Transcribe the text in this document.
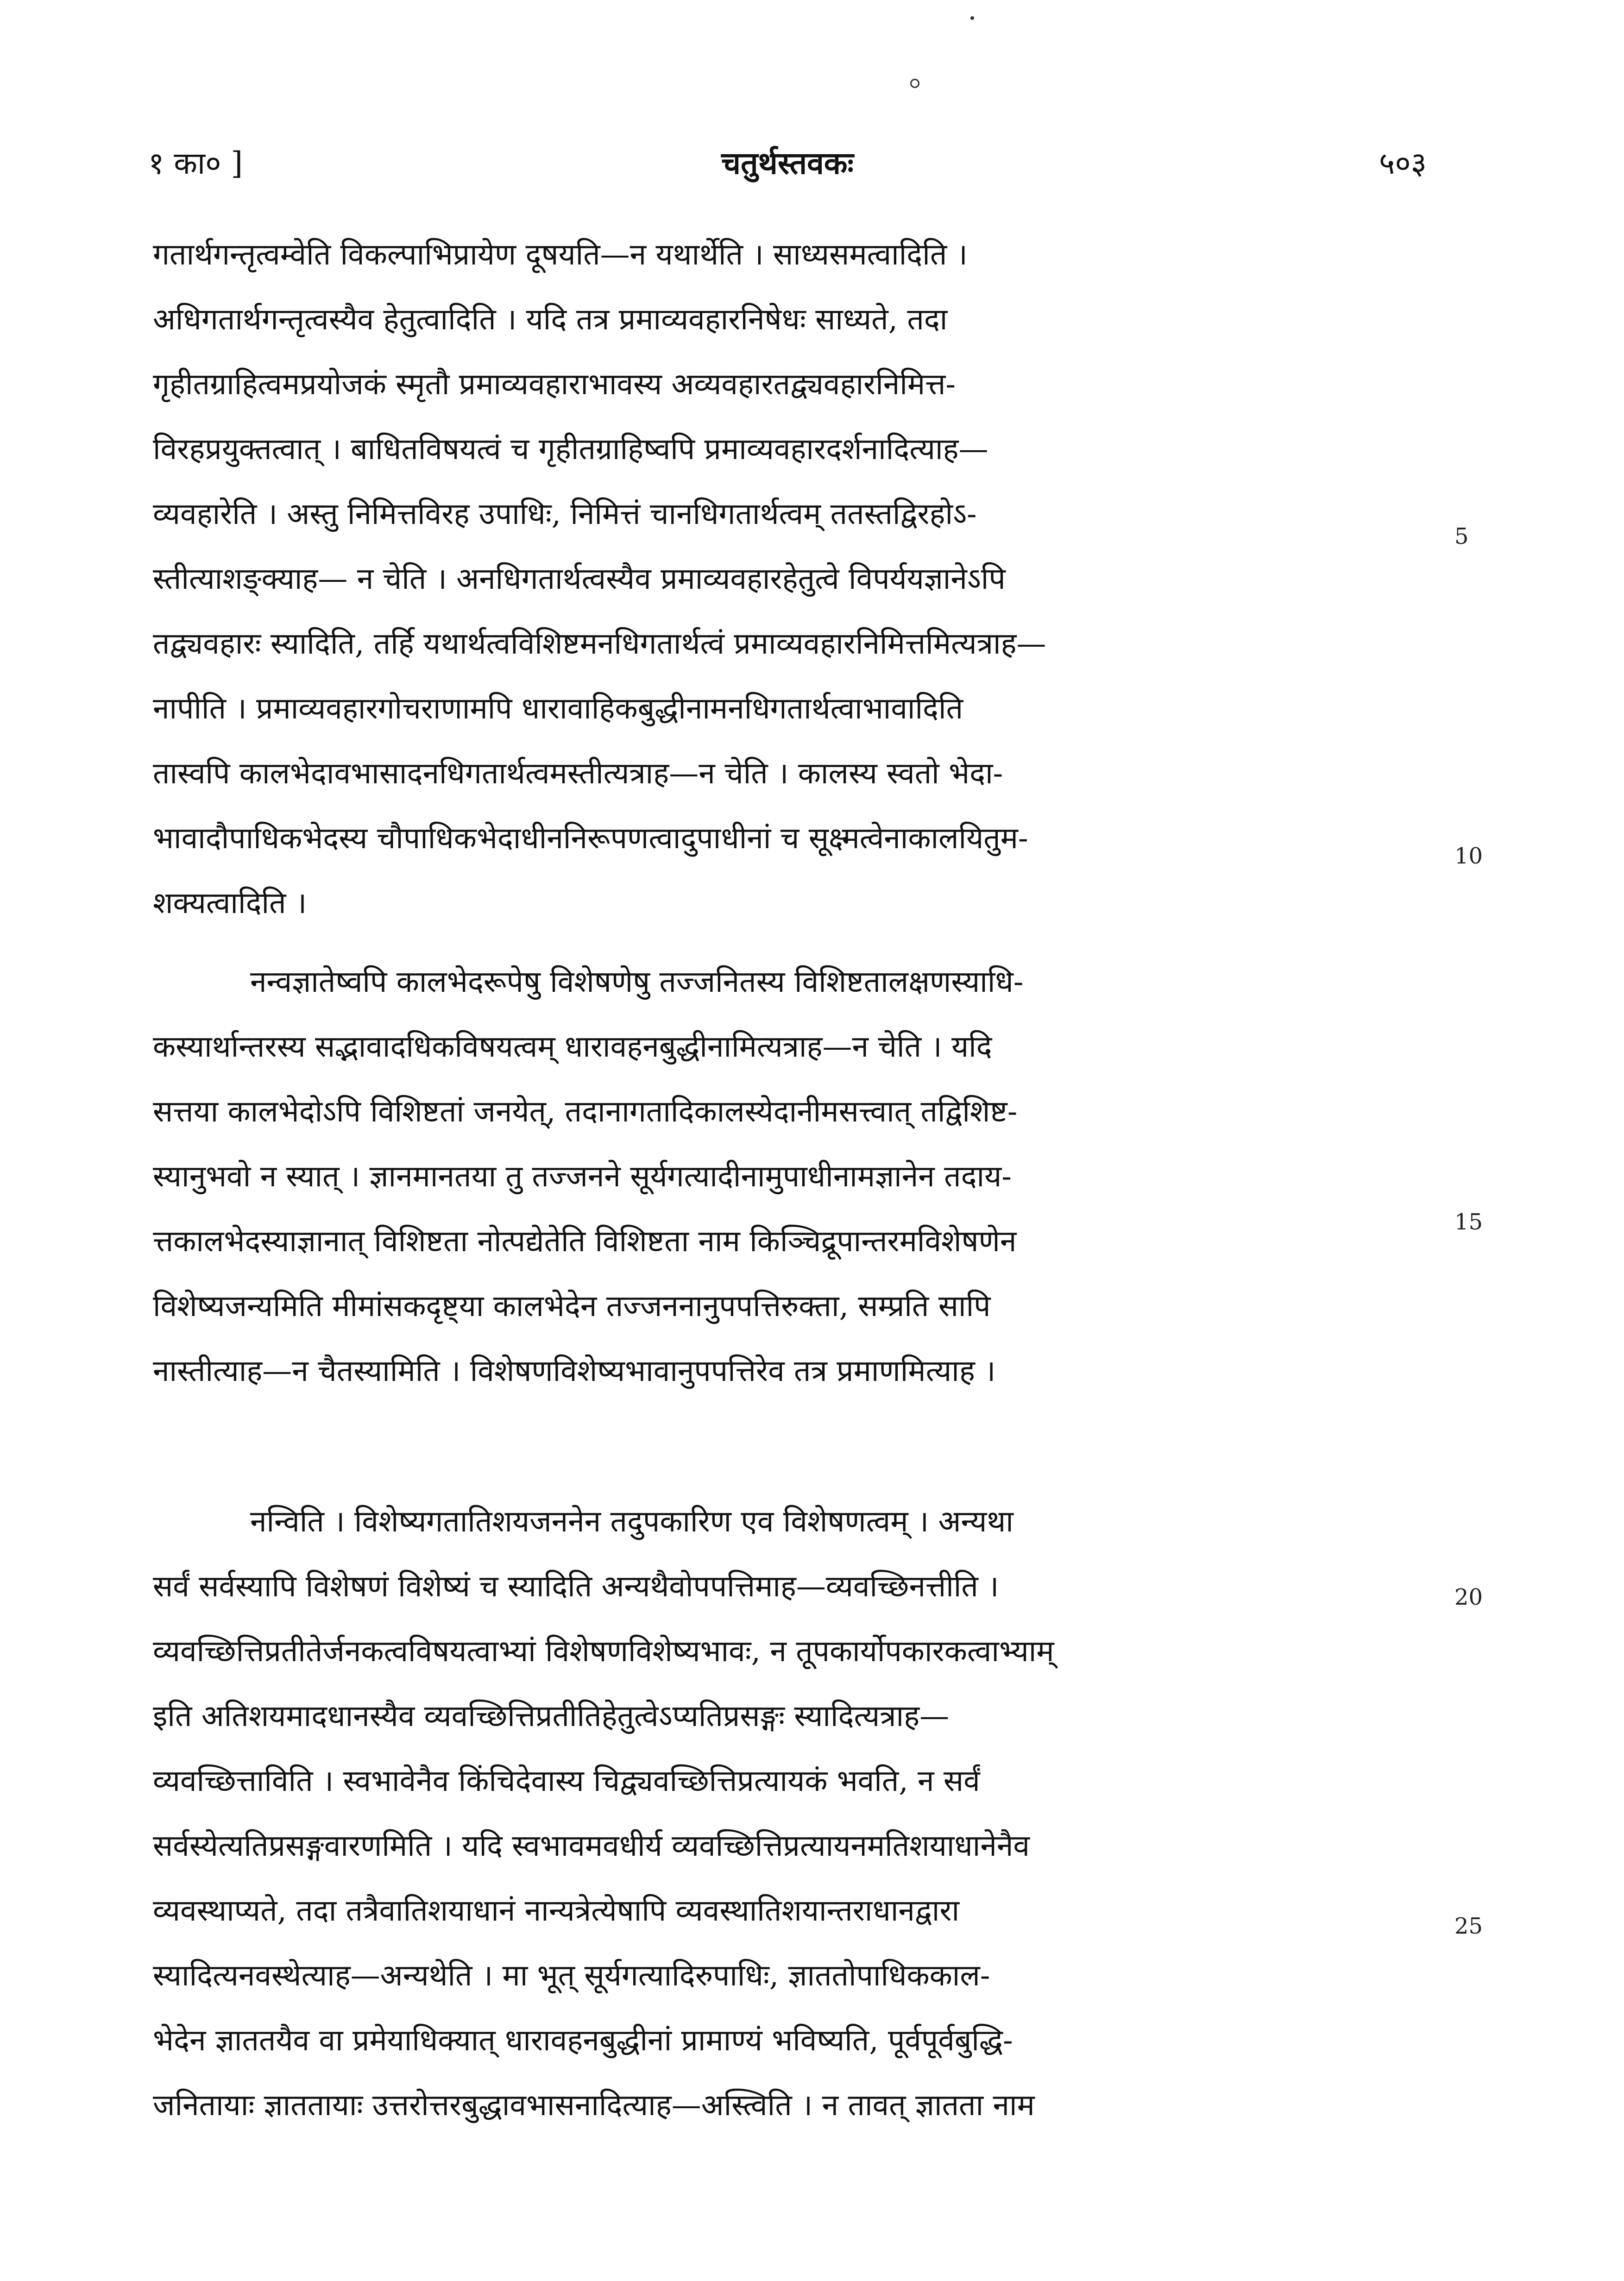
१ का० ]	चतुर्थस्तवकः	५०३
गतार्थगन्तृत्वम्वेति विकल्पाभिप्रायेण दूषयति—न यथार्थेति । साध्यसमत्वादिति ।
अधिगतार्थगन्तृत्वस्यैव हेतुत्वादिति । यदि तत्र प्रमाव्यवहारनिषेधः साध्यते, तदा
गृहीतग्राहित्वमप्रयोजकं स्मृतौ प्रमाव्यवहाराभावस्य अव्यवहारतद्व्यवहारनिमित्त-
विरहप्रयुक्तत्वात् । बाधितविषयत्वं च गृहीतग्राहिष्वपि प्रमाव्यवहारदर्शनादित्याह—
व्यवहारेति । अस्तु निमित्तविरह उपाधिः, निमित्तं चानधिगतार्थत्वम् ततस्तद्विरहोऽ-
स्तीत्याशङ्क्याह— न चेति । अनधिगतार्थत्वस्यैव प्रमाव्यवहारहेतुत्वे विपर्ययज्ञानेऽपि
तद्व्यवहारः स्यादिति, तर्हि यथार्थत्वविशिष्टमनधिगतार्थत्वं प्रमाव्यवहारनिमित्तमित्यत्राह—
नापीति । प्रमाव्यवहारगोचराणामपि धारावाहिकबुद्धीनामनधिगतार्थत्वाभावादिति
तास्वपि कालभेदावभासादनधिगतार्थत्वमस्तीत्यत्राह—न चेति । कालस्य स्वतो भेदा-
भावादौपाधिकभेदस्य चौपाधिकभेदाधीननिरूपणत्वादुपाधीनां च सूक्ष्मत्वेनाकालयितुम-
शक्यत्वादिति ।
नन्वज्ञातेष्वपि कालभेदरूपेषु विशेषणेषु तज्जनितस्य विशिष्टतालक्षणस्याधि-
कस्यार्थान्तरस्य सद्भावादधिकविषयत्वम् धारावहनबुद्धीनामित्यत्राह—न चेति । यदि
सत्तया कालभेदोऽपि विशिष्टतां जनयेत्, तदानागतादिकालस्येदानीमसत्त्वात् तद्विशिष्ट-
स्यानुभवो न स्यात् । ज्ञानमानतया तु तज्जनने सूर्यगत्यादीनामुपाधीनामज्ञानेन तदाय-
त्तकालभेदस्याज्ञानात् विशिष्टता नोत्पद्येतेति विशिष्टता नाम किञ्चिद्रूपान्तरमविशेषणेन
विशेष्यजन्यमिति मीमांसकदृष्ट्या कालभेदेन तज्जननानुपपत्तिरुक्ता, सम्प्रति सापि
नास्तीत्याह—न चैतस्यामिति । विशेषणविशेष्यभावानुपपत्तिरेव तत्र प्रमाणमित्याह ।
नन्विति । विशेष्यगतातिशयजननेन तदुपकारिण एव विशेषणत्वम् । अन्यथा
सर्वं सर्वस्यापि विशेषणं विशेष्यं च स्यादिति अन्यथैवोपपत्तिमाह—व्यवच्छिनत्तीति ।
व्यवच्छित्तिप्रतीतेर्जनकत्वविषयत्वाभ्यां विशेषणविशेष्यभावः, न तूपकार्योपकारकत्वाभ्याम्
इति अतिशयमादधानस्यैव व्यवच्छित्तिप्रतीतिहेतुत्वेऽप्यतिप्रसङ्गः स्यादित्यत्राह—
व्यवच्छित्ताविति । स्वभावेनैव किंचिदेवास्य चिद्व्यवच्छित्तिप्रत्यायकं भवति, न सर्वं
सर्वस्येत्यतिप्रसङ्गवारणमिति । यदि स्वभावमवधीर्य व्यवच्छित्तिप्रत्यायनमतिशयाधानेनैव
व्यवस्थाप्यते, तदा तत्रैवातिशयाधानं नान्यत्रेत्येषापि व्यवस्थातिशयान्तराधानद्वारा
स्यादित्यनवस्थेत्याह—अन्यथेति । मा भूत् सूर्यगत्यादिरुपाधिः, ज्ञाततोपाधिककाल-
भेदेन ज्ञाततयैव वा प्रमेयाधिक्यात् धारावहनबुद्धीनां प्रामाण्यं भविष्यति, पूर्वपूर्वबुद्धि-
जनितायाः ज्ञाततायाः उत्तरोत्तरबुद्धावभासनादित्याह—अस्त्विति । न तावत् ज्ञातता नाम
5
10
15
20
25
